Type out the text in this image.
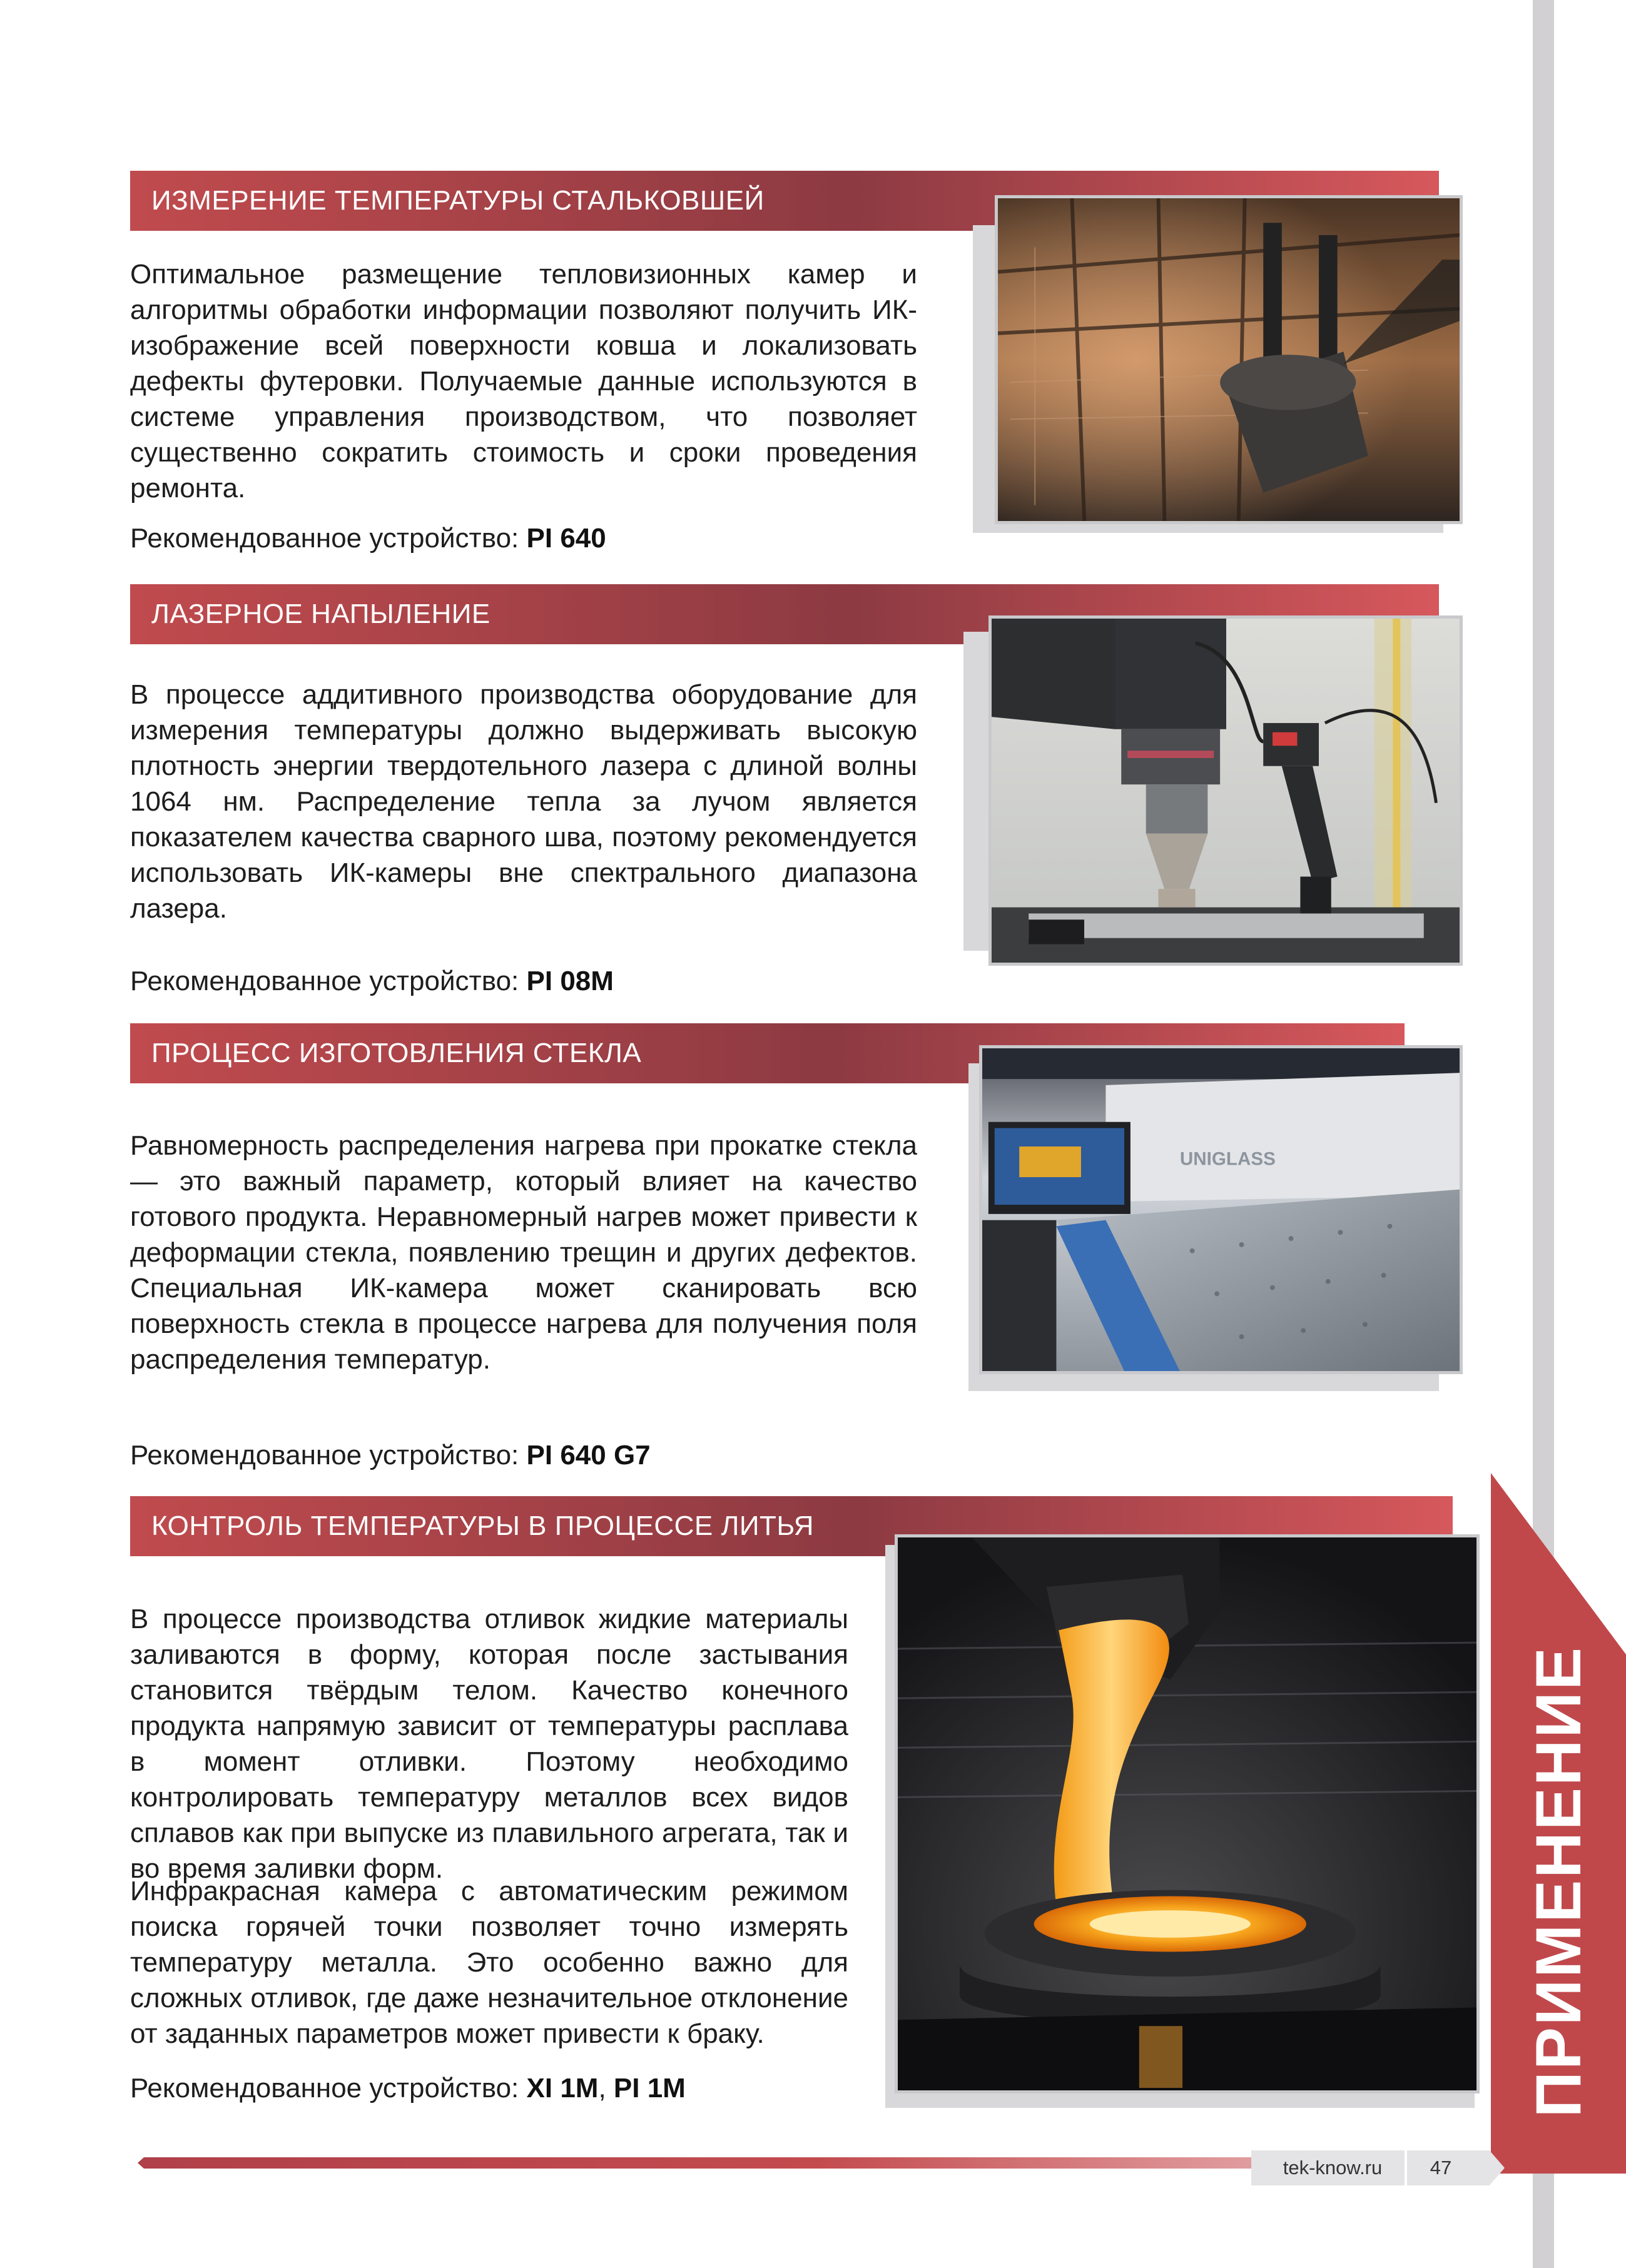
ПРИМЕНЕНИЕ
ИЗМЕРЕНИЕ ТЕМПЕРАТУРЫ СТАЛЬКОВШЕЙ

Оптимальное размещение тепловизионных камер и алгоритмы обработки информации позволяют получить ИК-изображение всей поверхности ковша и локализовать дефекты футеровки. Получаемые данные используются в системе управления производством, что позволяет существенно сократить стоимость и сроки проведения ремонта.

Рекомендованное устройство: PI 640

ЛАЗЕРНОЕ НАПЫЛЕНИЕ

В процессе аддитивного производства оборудование для измерения температуры должно выдерживать высокую плотность энергии твердотельного лазера с длиной волны 1064 нм. Распределение тепла за лучом является показателем качества сварного шва, поэтому рекомендуется использовать ИК-камеры вне спектрального диапазона лазера.

Рекомендованное устройство: PI 08M

ПРОЦЕСС ИЗГОТОВЛЕНИЯ СТЕКЛА
UNIGLASS

Равномерность распределения нагрева при прокатке стекла — это важный параметр, который влияет на качество готового продукта. Неравномерный нагрев может привести к деформации стекла, появлению трещин и других дефектов. Специальная ИК-камера может сканировать всю поверхность стекла в процессе нагрева для получения поля распределения температур.

Рекомендованное устройство: PI 640 G7

КОНТРОЛЬ ТЕМПЕРАТУРЫ В ПРОЦЕССЕ ЛИТЬЯ

В процессе производства отливок жидкие материалы заливаются в форму, которая после застывания становится твёрдым телом. Качество конечного продукта напрямую зависит от температуры расплава в момент отливки. Поэтому необходимо контролировать температуру металлов всех видов сплавов как при выпуске из плавильного агрегата, так и во время заливки форм.

Инфракрасная камера с автоматическим режимом поиска горячей точки позволяет точно измерять температуру металла. Это особенно важно для сложных отливок, где даже незначительное отклонение от заданных параметров может привести к браку.

Рекомендованное устройство: XI 1M, PI 1M

tek-know.ru	47
